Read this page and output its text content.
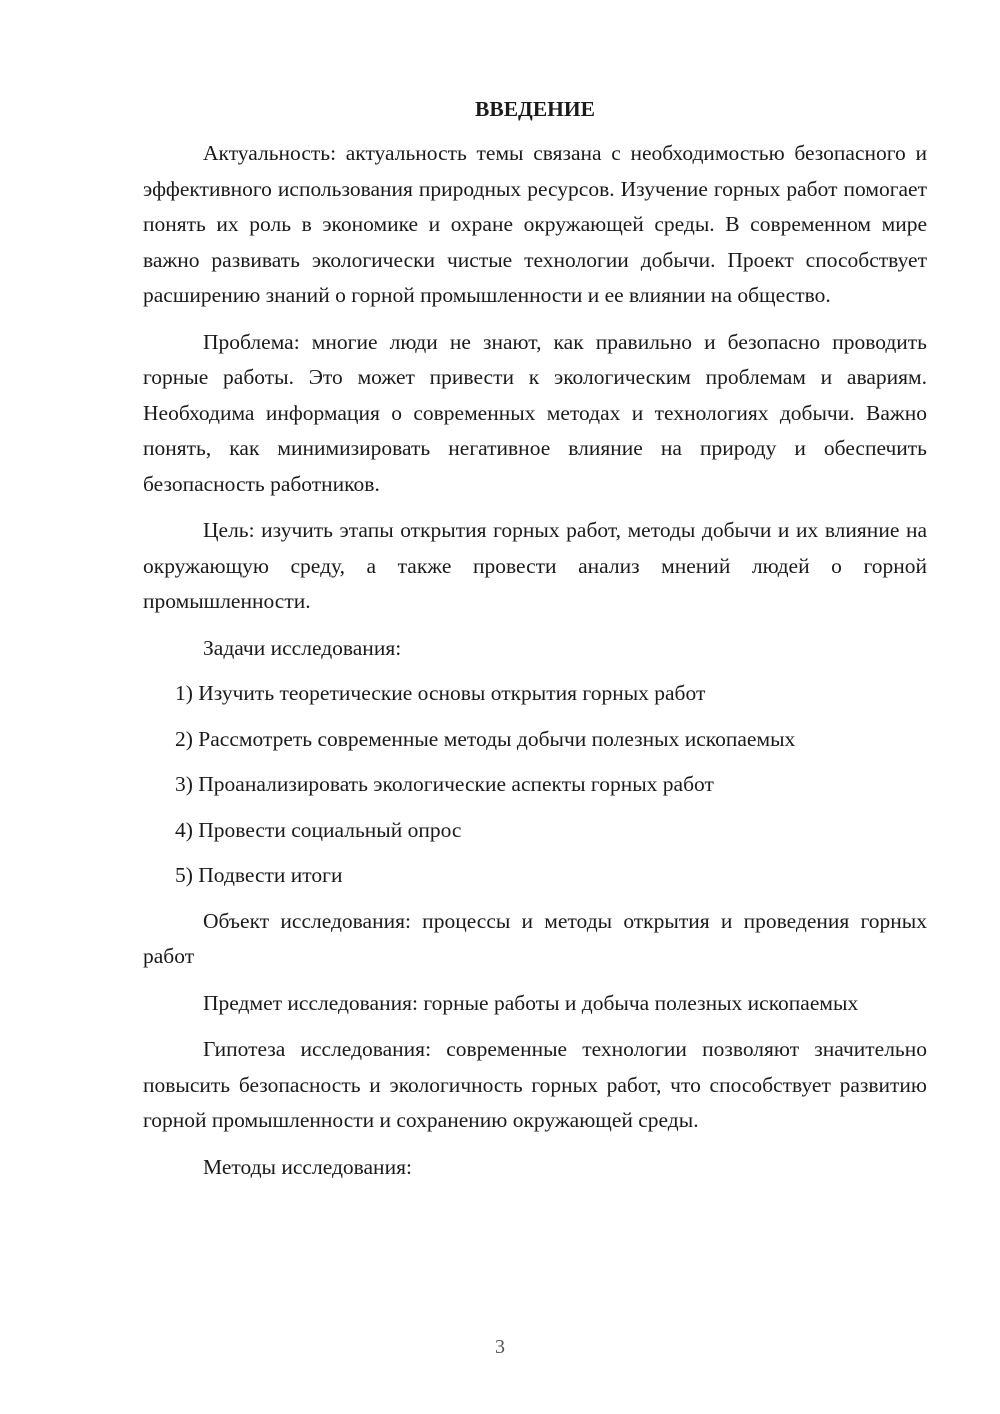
ВВЕДЕНИЕ

Актуальность: актуальность темы связана с необходимостью безопасного и эффективного использования природных ресурсов. Изучение горных работ помогает понять их роль в экономике и охране окружающей среды. В современном мире важно развивать экологически чистые технологии добычи. Проект способствует расширению знаний о горной промышленности и ее влиянии на общество.

Проблема: многие люди не знают, как правильно и безопасно проводить горные работы. Это может привести к экологическим проблемам и авариям. Необходима информация о современных методах и технологиях добычи. Важно понять, как минимизировать негативное влияние на природу и обеспечить безопасность работников.

Цель: изучить этапы открытия горных работ, методы добычи и их влияние на окружающую среду, а также провести анализ мнений людей о горной промышленности.

Задачи исследования:

1) Изучить теоретические основы открытия горных работ
2) Рассмотреть современные методы добычи полезных ископаемых
3) Проанализировать экологические аспекты горных работ
4) Провести социальный опрос
5) Подвести итоги

Объект исследования: процессы и методы открытия и проведения горных работ

Предмет исследования: горные работы и добыча полезных ископаемых

Гипотеза исследования: современные технологии позволяют значительно повысить безопасность и экологичность горных работ, что способствует развитию горной промышленности и сохранению окружающей среды.

Методы исследования:

3
